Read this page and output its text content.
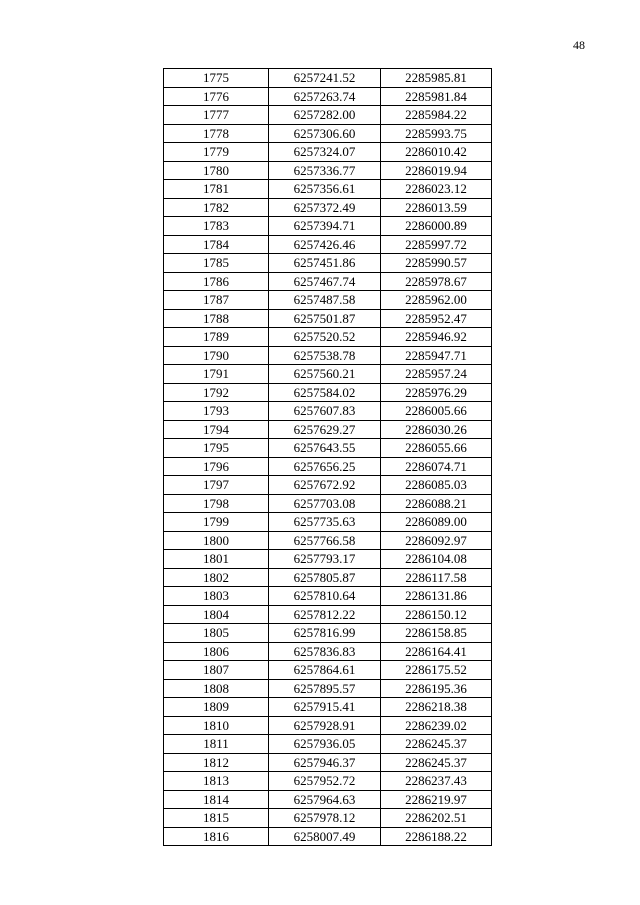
48
1775	6257241.52	2285985.81
1776	6257263.74	2285981.84
1777	6257282.00	2285984.22
1778	6257306.60	2285993.75
1779	6257324.07	2286010.42
1780	6257336.77	2286019.94
1781	6257356.61	2286023.12
1782	6257372.49	2286013.59
1783	6257394.71	2286000.89
1784	6257426.46	2285997.72
1785	6257451.86	2285990.57
1786	6257467.74	2285978.67
1787	6257487.58	2285962.00
1788	6257501.87	2285952.47
1789	6257520.52	2285946.92
1790	6257538.78	2285947.71
1791	6257560.21	2285957.24
1792	6257584.02	2285976.29
1793	6257607.83	2286005.66
1794	6257629.27	2286030.26
1795	6257643.55	2286055.66
1796	6257656.25	2286074.71
1797	6257672.92	2286085.03
1798	6257703.08	2286088.21
1799	6257735.63	2286089.00
1800	6257766.58	2286092.97
1801	6257793.17	2286104.08
1802	6257805.87	2286117.58
1803	6257810.64	2286131.86
1804	6257812.22	2286150.12
1805	6257816.99	2286158.85
1806	6257836.83	2286164.41
1807	6257864.61	2286175.52
1808	6257895.57	2286195.36
1809	6257915.41	2286218.38
1810	6257928.91	2286239.02
1811	6257936.05	2286245.37
1812	6257946.37	2286245.37
1813	6257952.72	2286237.43
1814	6257964.63	2286219.97
1815	6257978.12	2286202.51
1816	6258007.49	2286188.22
